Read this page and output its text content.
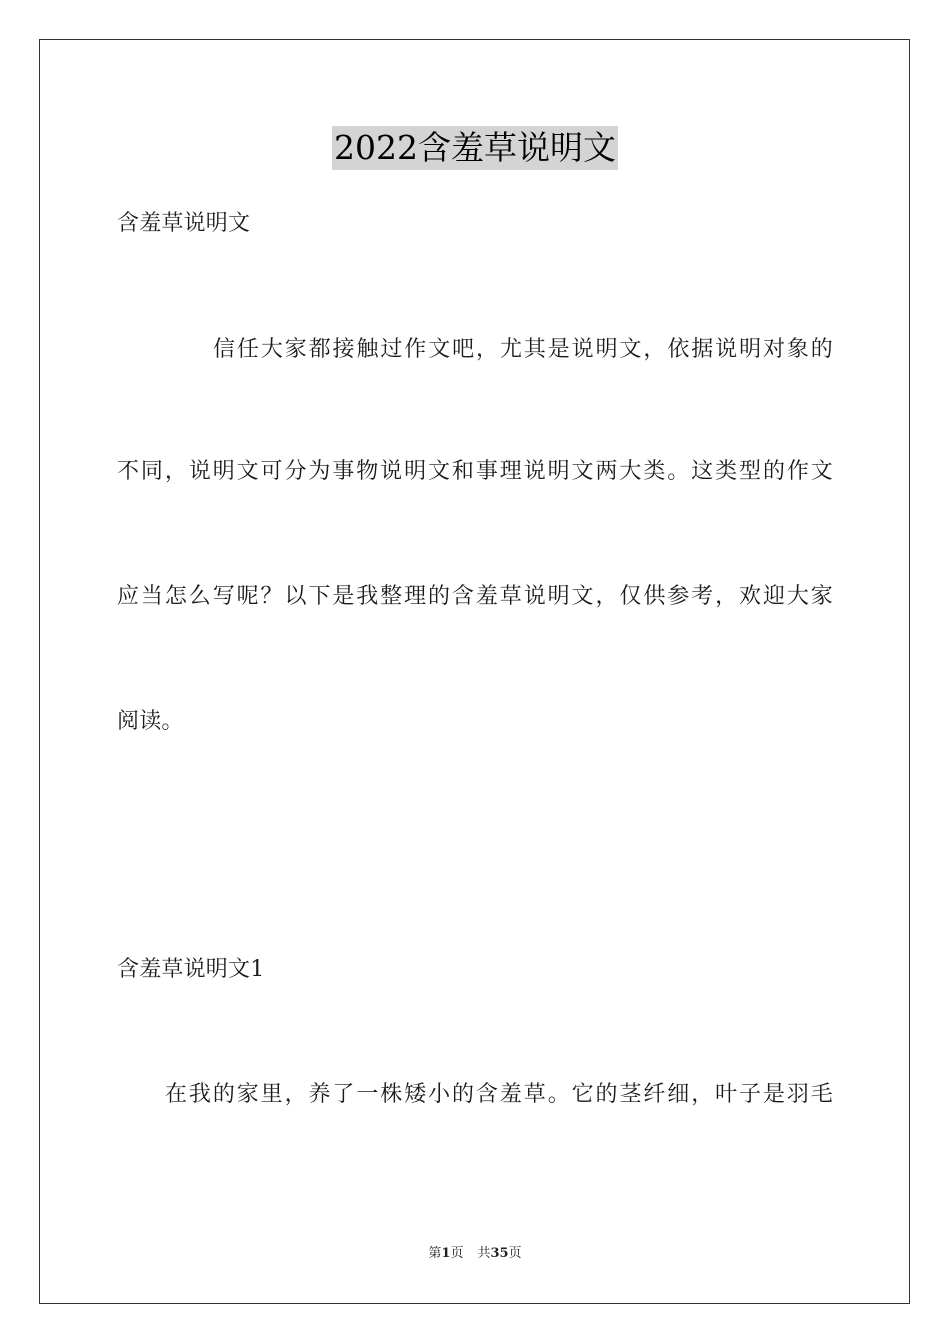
2022含羞草说明文
含羞草说明文
信任大家都接触过作文吧，尤其是说明文，依据说明对象的
不同，说明文可分为事物说明文和事理说明文两大类。这类型的作文
应当怎么写呢？以下是我整理的含羞草说明文，仅供参考，欢迎大家
阅读。
含羞草说明文1
在我的家里，养了一株矮小的含羞草。它的茎纤细，叶子是羽毛
第1页 共35页
